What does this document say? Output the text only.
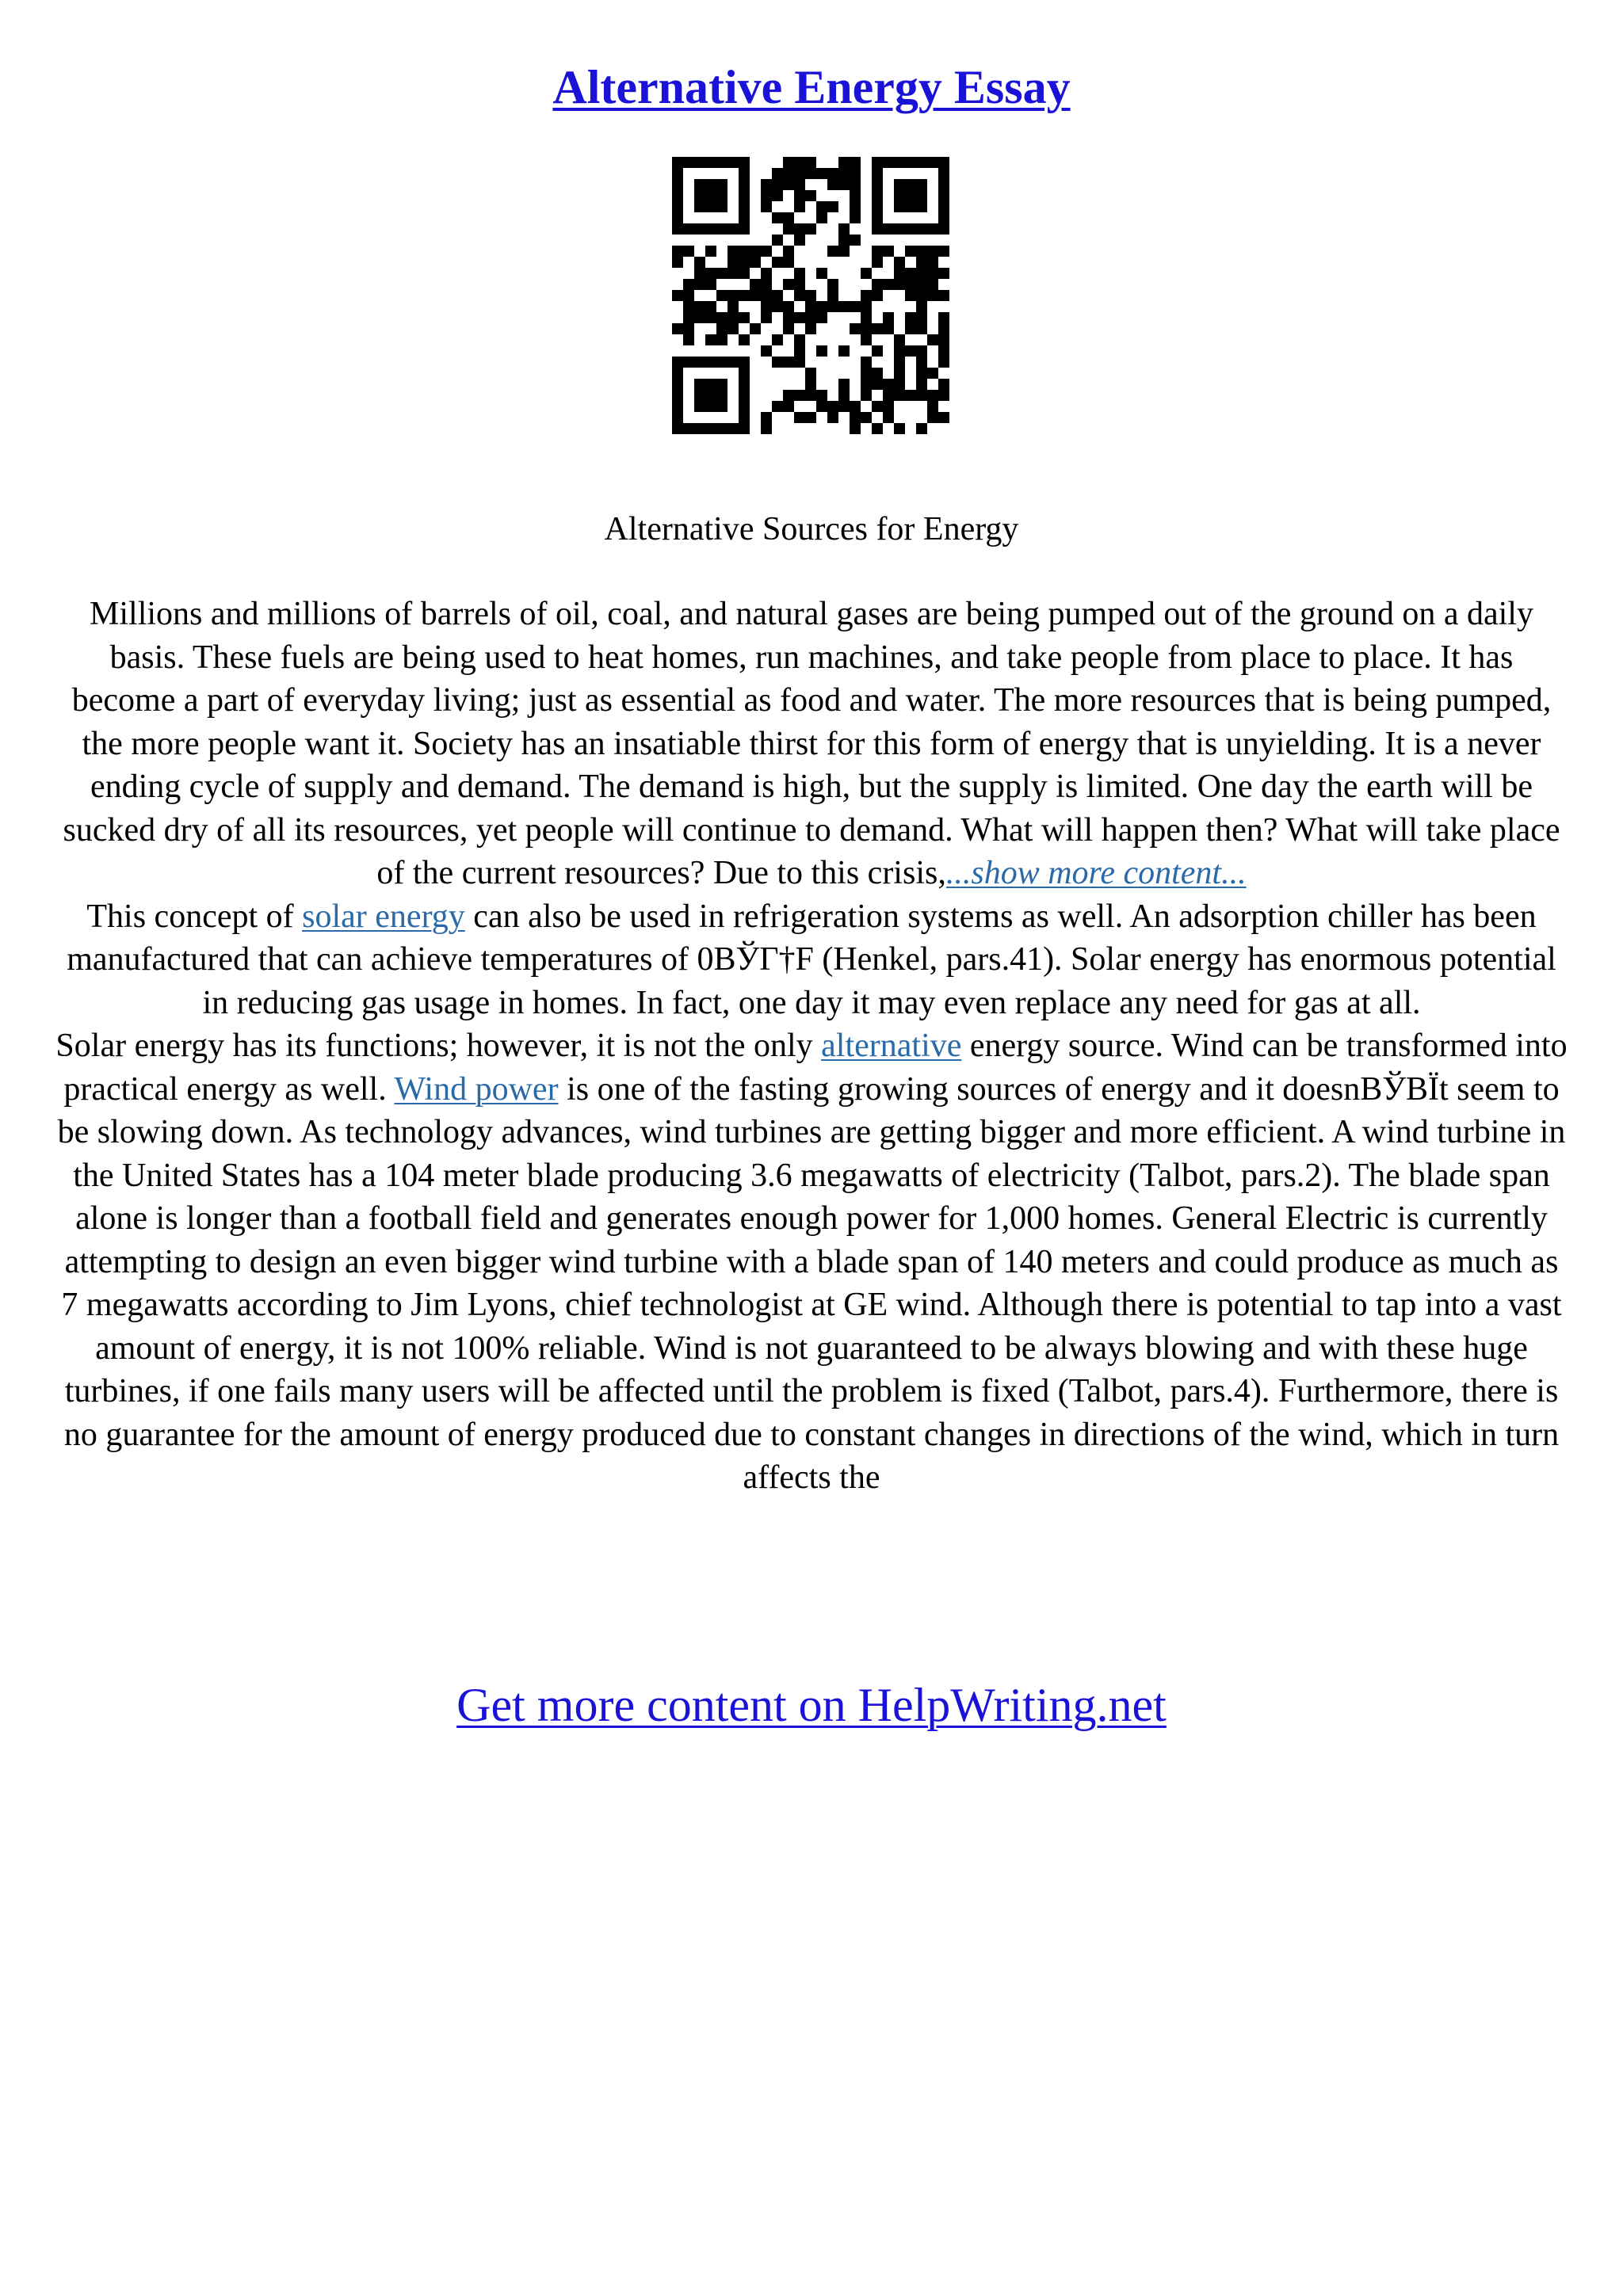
Alternative Energy Essay
Alternative Sources for Energy

Millions and millions of barrels of oil, coal, and natural gases are being pumped out of the ground on a daily basis. These fuels are being used to heat homes, run machines, and take people from place to place. It has become a part of everyday living; just as essential as food and water. The more resources that is being pumped, the more people want it. Society has an insatiable thirst for this form of energy that is unyielding. It is a never ending cycle of supply and demand. The demand is high, but the supply is limited. One day the earth will be sucked dry of all its resources, yet people will continue to demand. What will happen then? What will take place of the current resources? Due to this crisis,...show more content...

This concept of solar energy can also be used in refrigeration systems as well. An adsorption chiller has been manufactured that can achieve temperatures of 0ВЎГ†F (Henkel, pars.41). Solar energy has enormous potential in reducing gas usage in homes. In fact, one day it may even replace any need for gas at all.

Solar energy has its functions; however, it is not the only alternative energy source. Wind can be transformed into practical energy as well. Wind power is one of the fasting growing sources of energy and it doesnВЎВЇt seem to be slowing down. As technology advances, wind turbines are getting bigger and more efficient. A wind turbine in the United States has a 104 meter blade producing 3.6 megawatts of electricity (Talbot, pars.2). The blade span alone is longer than a football field and generates enough power for 1,000 homes. General Electric is currently attempting to design an even bigger wind turbine with a blade span of 140 meters and could produce as much as 7 megawatts according to Jim Lyons, chief technologist at GE wind. Although there is potential to tap into a vast amount of energy, it is not 100% reliable. Wind is not guaranteed to be always blowing and with these huge turbines, if one fails many users will be affected until the problem is fixed (Talbot, pars.4). Furthermore, there is no guarantee for the amount of energy produced due to constant changes in directions of the wind, which in turn affects the

Get more content on HelpWriting.net
